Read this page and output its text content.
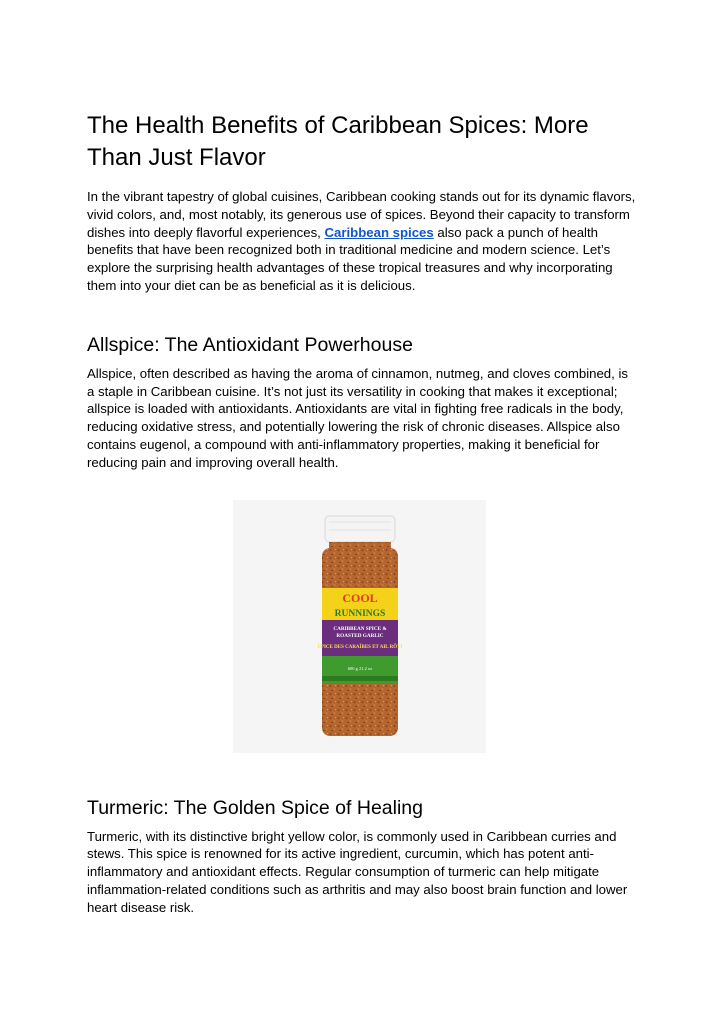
The Health Benefits of Caribbean Spices: More Than Just Flavor

In the vibrant tapestry of global cuisines, Caribbean cooking stands out for its dynamic flavors, vivid colors, and, most notably, its generous use of spices. Beyond their capacity to transform dishes into deeply flavorful experiences, Caribbean spices also pack a punch of health benefits that have been recognized both in traditional medicine and modern science. Let’s explore the surprising health advantages of these tropical treasures and why incorporating them into your diet can be as beneficial as it is delicious.

Allspice: The Antioxidant Powerhouse

Allspice, often described as having the aroma of cinnamon, nutmeg, and cloves combined, is a staple in Caribbean cuisine. It’s not just its versatility in cooking that makes it exceptional; allspice is loaded with antioxidants. Antioxidants are vital in fighting free radicals in the body, reducing oxidative stress, and potentially lowering the risk of chronic diseases. Allspice also contains eugenol, a compound with anti-inflammatory properties, making it beneficial for reducing pain and improving overall health.

COOL
RUNNINGS
CARIBBEAN SPICE &
ROASTED GARLIC
ÉPICE DES CARAÏBES ET AIL RÔTI
600 g 21.2 oz
Turmeric: The Golden Spice of Healing

Turmeric, with its distinctive bright yellow color, is commonly used in Caribbean curries and stews. This spice is renowned for its active ingredient, curcumin, which has potent anti-inflammatory and antioxidant effects. Regular consumption of turmeric can help mitigate inflammation-related conditions such as arthritis and may also boost brain function and lower heart disease risk.
